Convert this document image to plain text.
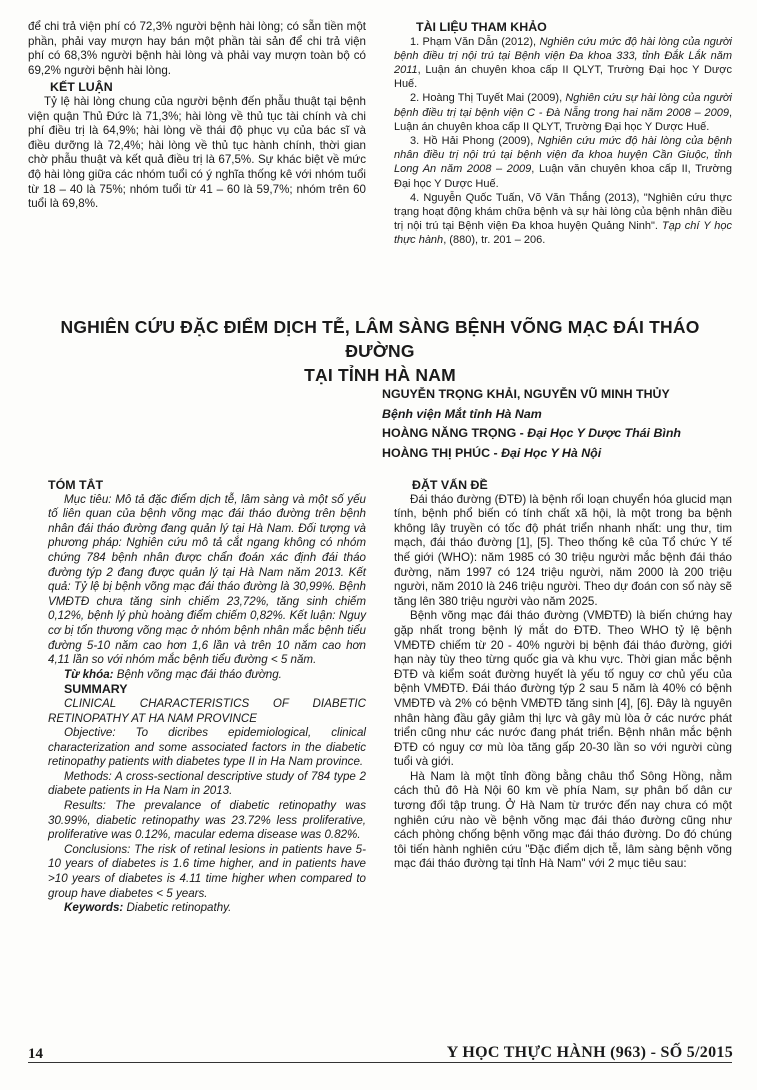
để chi trả viện phí có 72,3% người bệnh hài lòng; có sẵn tiền một phần, phải vay mượn hay bán một phần tài sản để chi trả viện phí có 68,3% người bệnh hài lòng và phải vay mượn toàn bộ có 69,2% người bệnh hài lòng.

KẾT LUẬN

Tỷ lệ hài lòng chung của người bệnh đến phẫu thuật tại bệnh viện quận Thủ Đức là 71,3%; hài lòng về thủ tục tài chính và chi phí điều trị là 64,9%; hài lòng về thái độ phục vụ của bác sĩ và điều dưỡng là 72,4%; hài lòng về thủ tục hành chính, thời gian chờ phẫu thuật và kết quả điều trị là 67,5%. Sự khác biệt về mức độ hài lòng giữa các nhóm tuổi có ý nghĩa thống kê với nhóm tuổi từ 18 – 40 là 75%; nhóm tuổi từ 41 – 60 là 59,7%; nhóm trên 60 tuổi là 69,8%.

TÀI LIỆU THAM KHẢO

1. Phạm Văn Dẫn (2012), Nghiên cứu mức độ hài lòng của người bệnh điều trị nội trú tại Bệnh viện Đa khoa 333, tỉnh Đắk Lắk năm 2011, Luận án chuyên khoa cấp II QLYT, Trường Đại học Y Dược Huế.

2. Hoàng Thị Tuyết Mai (2009), Nghiên cứu sự hài lòng của người bệnh điều trị tại bệnh viện C - Đà Nẵng trong hai năm 2008 – 2009, Luận án chuyên khoa cấp II QLYT, Trường Đại học Y Dược Huế.

3. Hồ Hải Phong (2009), Nghiên cứu mức độ hài lòng của bệnh nhân điều trị nội trú tại bệnh viện đa khoa huyện Cần Giuộc, tỉnh Long An năm 2008 – 2009, Luận văn chuyên khoa cấp II, Trường Đại học Y Dược Huế.

4. Nguyễn Quốc Tuấn, Võ Văn Thắng (2013), "Nghiên cứu thực trạng hoạt động khám chữa bệnh và sự hài lòng của bệnh nhân điều trị nội trú tại Bệnh viện Đa khoa huyện Quảng Ninh". Tạp chí Y học thực hành, (880), tr. 201 – 206.

NGHIÊN CỨU ĐẶC ĐIỂM DỊCH TỄ, LÂM SÀNG BỆNH VÕNG MẠC ĐÁI THÁO ĐƯỜNG
TẠI TỈNH HÀ NAM

NGUYỄN TRỌNG KHẢI, NGUYỄN VŨ MINH THỦY

Bệnh viện Mắt tỉnh Hà Nam

HOÀNG NĂNG TRỌNG - Đại Học Y Dược Thái Bình

HOÀNG THỊ PHÚC - Đại Học Y Hà Nội

TÓM TẮT

Mục tiêu: Mô tả đặc điểm dịch tễ, lâm sàng và một số yếu tố liên quan của bệnh võng mạc đái tháo đường trên bệnh nhân đái tháo đường đang quản lý tại Hà Nam. Đối tượng và phương pháp: Nghiên cứu mô tả cắt ngang không có nhóm chứng 784 bệnh nhân được chẩn đoán xác định đái tháo đường týp 2 đang được quản lý tại Hà Nam năm 2013. Kết quả: Tỷ lệ bị bệnh võng mạc đái tháo đường là 30,99%. Bệnh VMĐTĐ chưa tăng sinh chiếm 23,72%, tăng sinh chiếm 0,12%, bệnh lý phù hoàng điểm chiếm 0,82%. Kết luận: Nguy cơ bị tổn thương võng mạc ở nhóm bệnh nhân mắc bệnh tiểu đường 5-10 năm cao hơn 1,6 lần và trên 10 năm cao hơn 4,11 lần so với nhóm mắc bệnh tiểu đường < 5 năm.

Từ khóa: Bệnh võng mạc đái tháo đường.

SUMMARY

CLINICAL CHARACTERISTICS OF DIABETIC RETINOPATHY AT HA NAM PROVINCE

Objective: To dicribes epidemiological, clinical characterization and some associated factors in the diabetic retinopathy patients with diabetes type II in Ha Nam province.

Methods: A cross-sectional descriptive study of 784 type 2 diabete patients in Ha Nam in 2013.

Results: The prevalance of diabetic retinopathy was 30.99%, diabetic retinopathy was 23.72% less proliferative, proliferative was 0.12%, macular edema disease was 0.82%.

Conclusions: The risk of retinal lesions in patients have 5-10 years of diabetes is 1.6 time higher, and in patients have >10 years of diabetes is 4.11 time higher when compared to group have diabetes < 5 years.

Keywords: Diabetic retinopathy.

ĐẶT VẤN ĐỀ

Đái tháo đường (ĐTĐ) là bệnh rối loạn chuyển hóa glucid mạn tính, bệnh phổ biến có tính chất xã hội, là một trong ba bệnh không lây truyền có tốc độ phát triển nhanh nhất: ung thư, tim mạch, đái tháo đường [1], [5]. Theo thống kê của Tổ chức Y tế thế giới (WHO): năm 1985 có 30 triệu người mắc bệnh đái tháo đường, năm 1997 có 124 triệu người, năm 2000 là 200 triệu người, năm 2010 là 246 triệu người. Theo dự đoán con số này sẽ tăng lên 380 triệu người vào năm 2025.

Bệnh võng mạc đái tháo đường (VMĐTĐ) là biến chứng hay gặp nhất trong bệnh lý mắt do ĐTĐ. Theo WHO tỷ lệ bệnh VMĐTĐ chiếm từ 20 - 40% người bị bệnh đái tháo đường, giới hạn này tùy theo từng quốc gia và khu vực. Thời gian mắc bệnh ĐTĐ và kiểm soát đường huyết là yếu tố nguy cơ chủ yếu của bệnh VMĐTĐ. Đái tháo đường týp 2 sau 5 năm là 40% có bệnh VMĐTĐ và 2% có bệnh VMĐTĐ tăng sinh [4], [6]. Đây là nguyên nhân hàng đầu gây giảm thị lực và gây mù lòa ở các nước phát triển cũng như các nước đang phát triển. Bệnh nhân mắc bệnh ĐTĐ có nguy cơ mù lòa tăng gấp 20-30 lần so với người cùng tuổi và giới.

Hà Nam là một tỉnh đồng bằng châu thổ Sông Hồng, nằm cách thủ đô Hà Nội 60 km về phía Nam, sự phân bố dân cư tương đối tập trung. Ở Hà Nam từ trước đến nay chưa có một nghiên cứu nào về bệnh võng mạc đái tháo đường cũng như cách phòng chống bệnh võng mạc đái tháo đường. Do đó chúng tôi tiến hành nghiên cứu "Đặc điểm dịch tễ, lâm sàng bệnh võng mạc đái tháo đường tại tỉnh Hà Nam" với 2 mục tiêu sau:

14	Y HỌC THỰC HÀNH (963) - SỐ 5/2015
